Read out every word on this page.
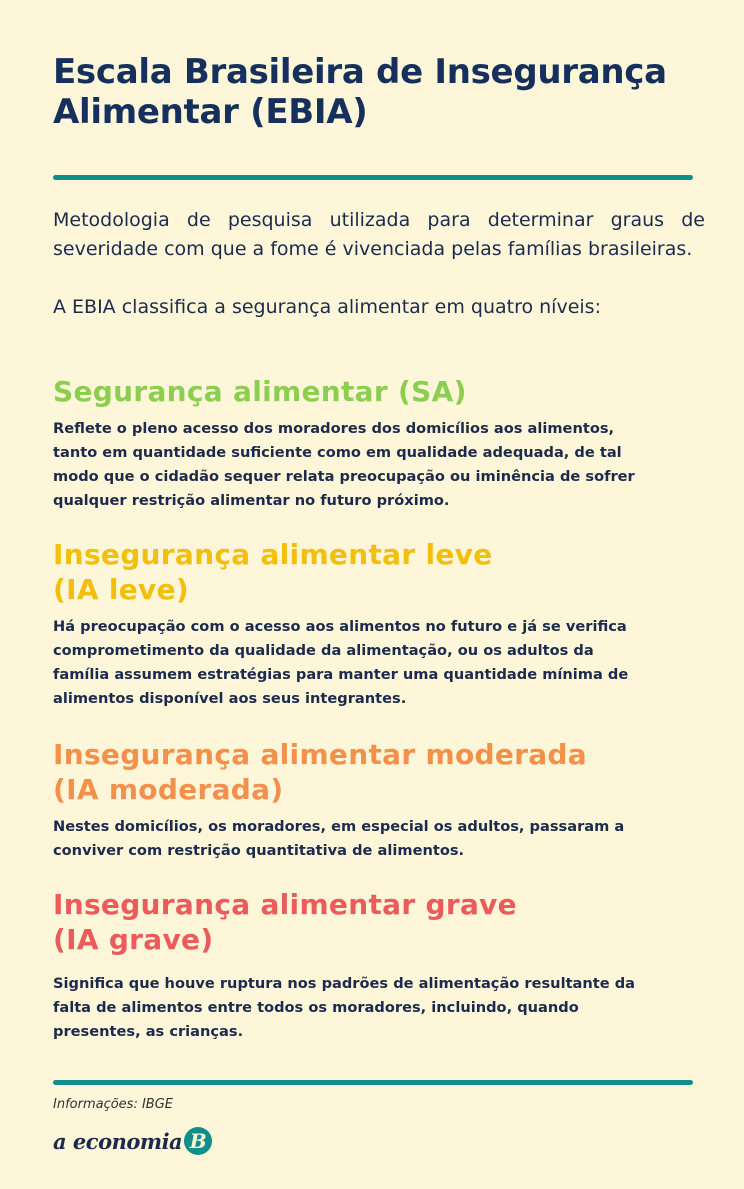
Escala Brasileira de Insegurança Alimentar (EBIA)

Metodologia de pesquisa utilizada para determinar graus de severidade com que a fome é vivenciada pelas famílias brasileiras.

A EBIA classifica a segurança alimentar em quatro níveis:

Segurança alimentar (SA)

Reflete o pleno acesso dos moradores dos domicílios aos alimentos, tanto em quantidade suficiente como em qualidade adequada, de tal modo que o cidadão sequer relata preocupação ou iminência de sofrer qualquer restrição alimentar no futuro próximo.

Insegurança alimentar leve
(IA leve)

Há preocupação com o acesso aos alimentos no futuro e já se verifica comprometimento da qualidade da alimentação, ou os adultos da família assumem estratégias para manter uma quantidade mínima de alimentos disponível aos seus integrantes.

Insegurança alimentar moderada
(IA moderada)

Nestes domicílios, os moradores, em especial os adultos, passaram a conviver com restrição quantitativa de alimentos.

Insegurança alimentar grave
(IA grave)

Significa que houve ruptura nos padrões de alimentação resultante da falta de alimentos entre todos os moradores, incluindo, quando presentes, as crianças.

Informações: IBGE

a economia B
